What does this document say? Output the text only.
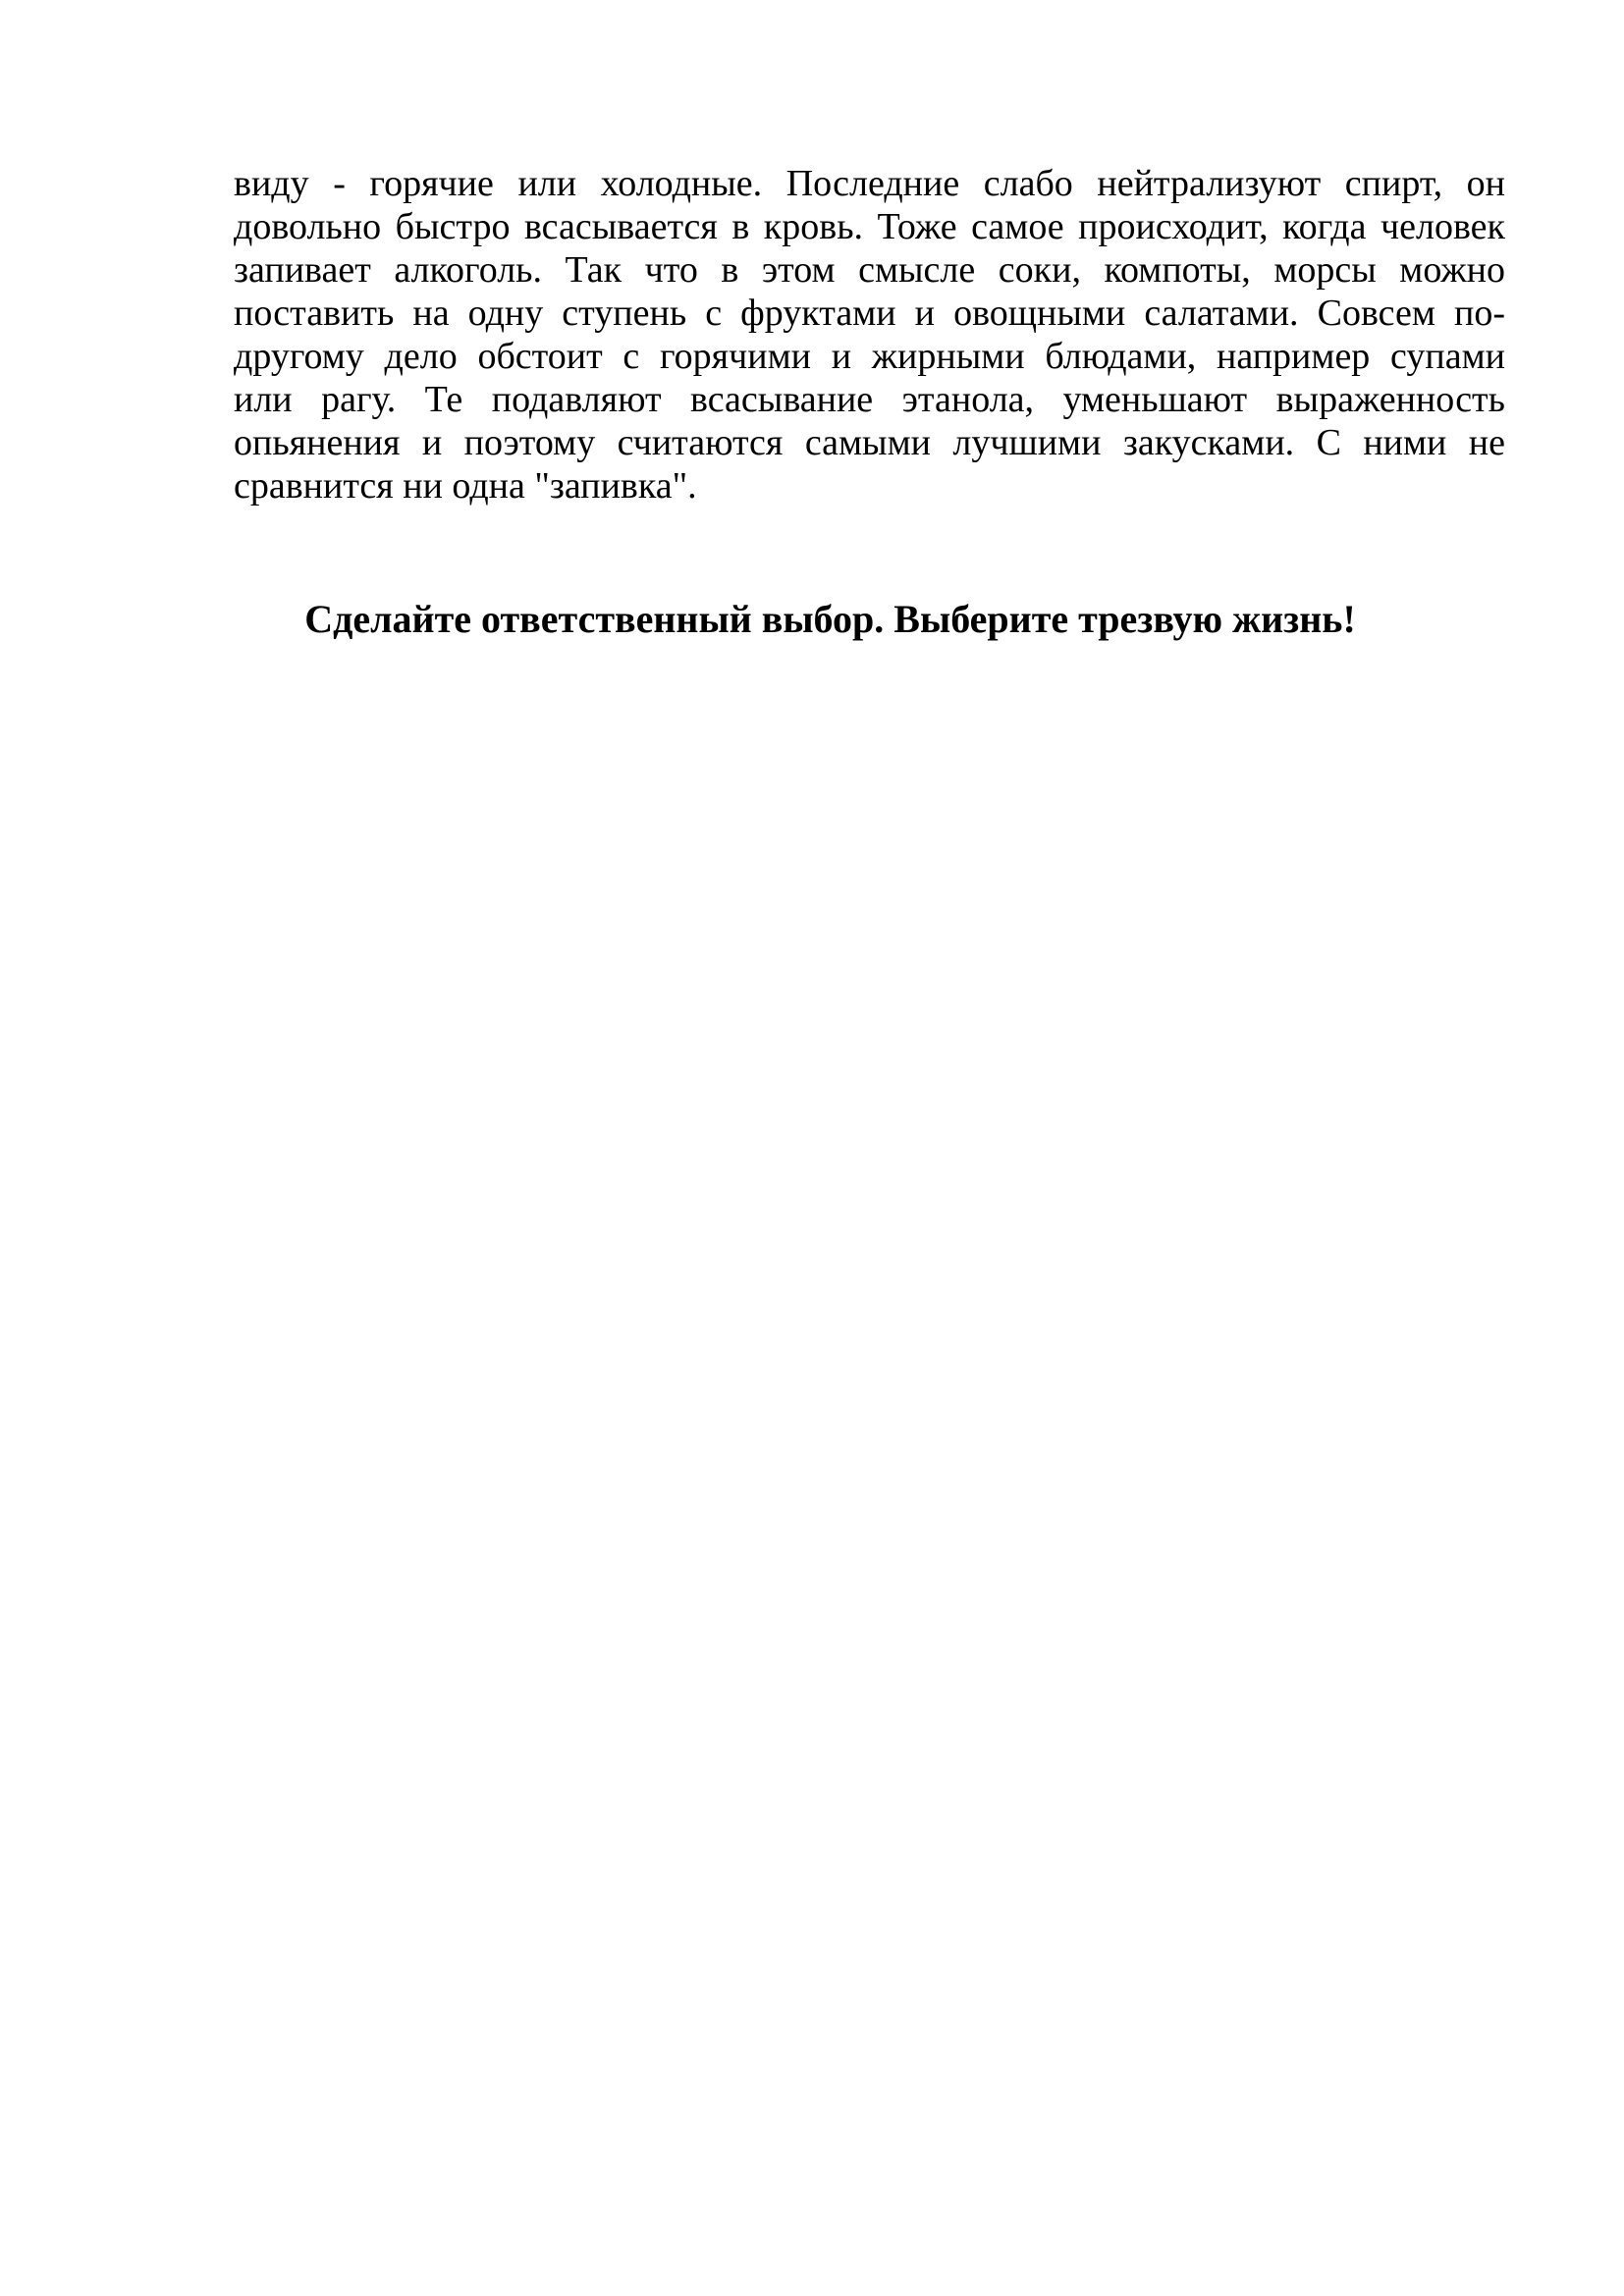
виду - горячие или холодные. Последние слабо нейтрализуют спирт, он
довольно быстро всасывается в кровь. Тоже самое происходит, когда человек
запивает алкоголь. Так что в этом смысле соки, компоты, морсы можно
поставить на одну ступень с фруктами и овощными салатами. Совсем по-
другому дело обстоит с горячими и жирными блюдами, например супами
или рагу. Те подавляют всасывание этанола, уменьшают выраженность
опьянения и поэтому считаются самыми лучшими закусками. С ними не
сравнится ни одна "запивка".

Сделайте ответственный выбор. Выберите трезвую жизнь!
